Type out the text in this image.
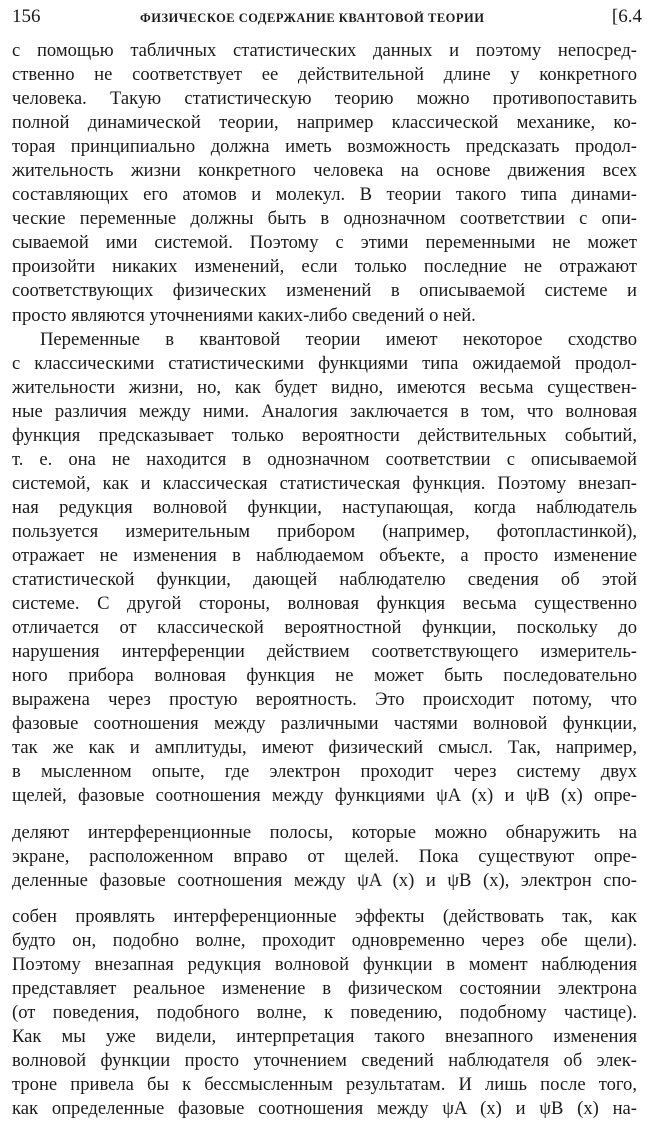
156	ФИЗИЧЕСКОЕ СОДЕРЖАНИЕ КВАНТОВОЙ ТЕОРИИ	[6.4
с помощью табличных статистических данных и поэтому непосред-
ственно не соответствует ее действительной длине у конкретного
человека. Такую статистическую теорию можно противопоставить
полной динамической теории, например классической механике, ко-
торая принципиально должна иметь возможность предсказать продол-
жительность жизни конкретного человека на основе движения всех
составляющих его атомов и молекул. В теории такого типа динами-
ческие переменные должны быть в однозначном соответствии с опи-
сываемой ими системой. Поэтому с этими переменными не может
произойти никаких изменений, если только последние не отражают
соответствующих физических изменений в описываемой системе и
просто являются уточнениями каких-либо сведений о ней.
Переменные в квантовой теории имеют некоторое сходство
с классическими статистическими функциями типа ожидаемой продол-
жительности жизни, но, как будет видно, имеются весьма существен-
ные различия между ними. Аналогия заключается в том, что волновая
функция предсказывает только вероятности действительных событий,
т. е. она не находится в однозначном соответствии с описываемой
системой, как и классическая статистическая функция. Поэтому внезап-
ная редукция волновой функции, наступающая, когда наблюдатель
пользуется измерительным прибором (например, фотопластинкой),
отражает не изменения в наблюдаемом объекте, а просто изменение
статистической функции, дающей наблюдателю сведения об этой
системе. С другой стороны, волновая функция весьма существенно
отличается от классической вероятностной функции, поскольку до
нарушения интерференции действием соответствующего измеритель-
ного прибора волновая функция не может быть последовательно
выражена через простую вероятность. Это происходит потому, что
фазовые соотношения между различными частями волновой функции,
так же как и амплитуды, имеют физический смысл. Так, например,
в мысленном опыте, где электрон проходит через систему двух
щелей, фазовые соотношения между функциями ψA (x) и ψB (x) опре-
деляют интерференционные полосы, которые можно обнаружить на
экране, расположенном вправо от щелей. Пока существуют опре-
деленные фазовые соотношения между ψA (x) и ψB (x), электрон спо-
собен проявлять интерференционные эффекты (действовать так, как
будто он, подобно волне, проходит одновременно через обе щели).
Поэтому внезапная редукция волновой функции в момент наблюдения
представляет реальное изменение в физическом состоянии электрона
(от поведения, подобного волне, к поведению, подобному частице).
Как мы уже видели, интерпретация такого внезапного изменения
волновой функции просто уточнением сведений наблюдателя об элек-
троне привела бы к бессмысленным результатам. И лишь после того,
как определенные фазовые соотношения между ψA (x) и ψB (x) на-
